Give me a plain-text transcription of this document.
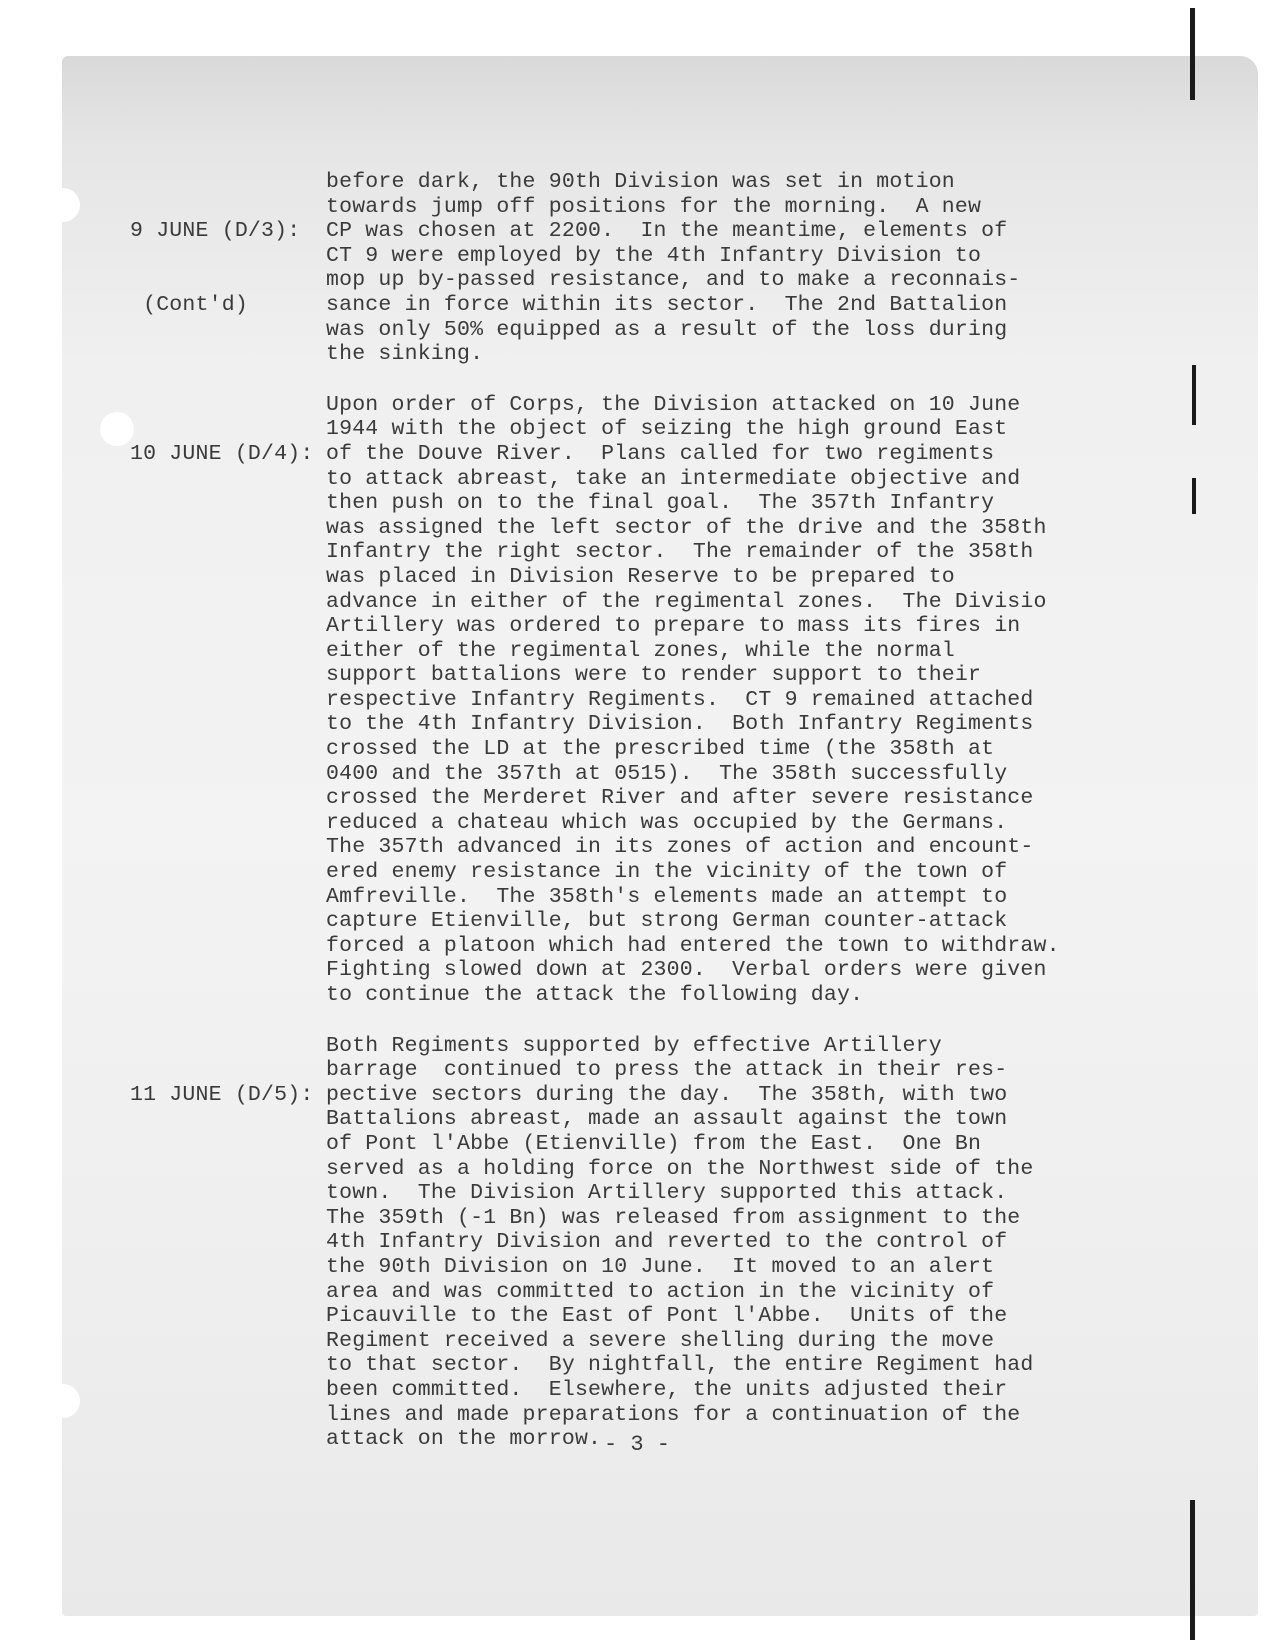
9 JUNE (D/3):

(Cont'd)

before dark, the 90th Division was set in motion
towards jump off positions for the morning.  A new
CP was chosen at 2200.  In the meantime, elements of
CT 9 were employed by the 4th Infantry Division to
mop up by-passed resistance, and to make a reconnais-
sance in force within its sector.  The 2nd Battalion
was only 50% equipped as a result of the loss during
the sinking.

10 JUNE (D/4):

Upon order of Corps, the Division attacked on 10 June
1944 with the object of seizing the high ground East
of the Douve River.  Plans called for two regiments
to attack abreast, take an intermediate objective and
then push on to the final goal.  The 357th Infantry
was assigned the left sector of the drive and the 358th
Infantry the right sector.  The remainder of the 358th
was placed in Division Reserve to be prepared to
advance in either of the regimental zones.  The Divisio
Artillery was ordered to prepare to mass its fires in
either of the regimental zones, while the normal
support battalions were to render support to their
respective Infantry Regiments.  CT 9 remained attached
to the 4th Infantry Division.  Both Infantry Regiments
crossed the LD at the prescribed time (the 358th at
0400 and the 357th at 0515).  The 358th successfully
crossed the Merderet River and after severe resistance
reduced a chateau which was occupied by the Germans.
The 357th advanced in its zones of action and encount-
ered enemy resistance in the vicinity of the town of
Amfreville.  The 358th's elements made an attempt to
capture Etienville, but strong German counter-attack
forced a platoon which had entered the town to withdraw.
Fighting slowed down at 2300.  Verbal orders were given
to continue the attack the following day.

11 JUNE (D/5):

Both Regiments supported by effective Artillery
barrage  continued to press the attack in their res-
pective sectors during the day.  The 358th, with two
Battalions abreast, made an assault against the town
of Pont l'Abbe (Etienville) from the East.  One Bn
served as a holding force on the Northwest side of the
town.  The Division Artillery supported this attack.
The 359th (-1 Bn) was released from assignment to the
4th Infantry Division and reverted to the control of
the 90th Division on 10 June.  It moved to an alert
area and was committed to action in the vicinity of
Picauville to the East of Pont l'Abbe.  Units of the
Regiment received a severe shelling during the move
to that sector.  By nightfall, the entire Regiment had
been committed.  Elsewhere, the units adjusted their
lines and made preparations for a continuation of the
attack on the morrow. - 3 -
